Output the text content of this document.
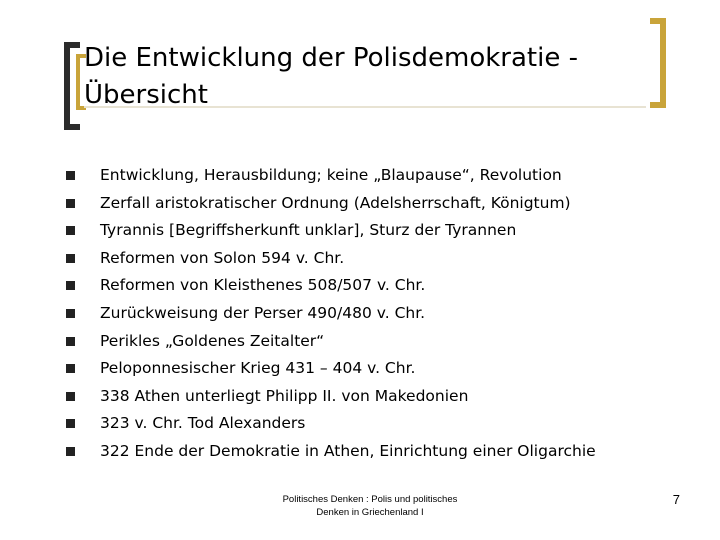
Die Entwicklung der Polisdemokratie -
Übersicht
Entwicklung, Herausbildung; keine „Blaupause“, Revolution
Zerfall aristokratischer Ordnung (Adelsherrschaft, Königtum)
Tyrannis [Begriffsherkunft unklar], Sturz der Tyrannen
Reformen von Solon 594 v. Chr.
Reformen von Kleisthenes 508/507 v. Chr.
Zurückweisung der Perser 490/480 v. Chr.
Perikles „Goldenes Zeitalter“
Peloponnesischer Krieg 431 – 404 v. Chr.
338 Athen unterliegt Philipp II. von Makedonien
323 v. Chr. Tod Alexanders
322 Ende der Demokratie in Athen, Einrichtung einer Oligarchie
Politisches Denken : Polis und politisches
Denken in Griechenland I
7
